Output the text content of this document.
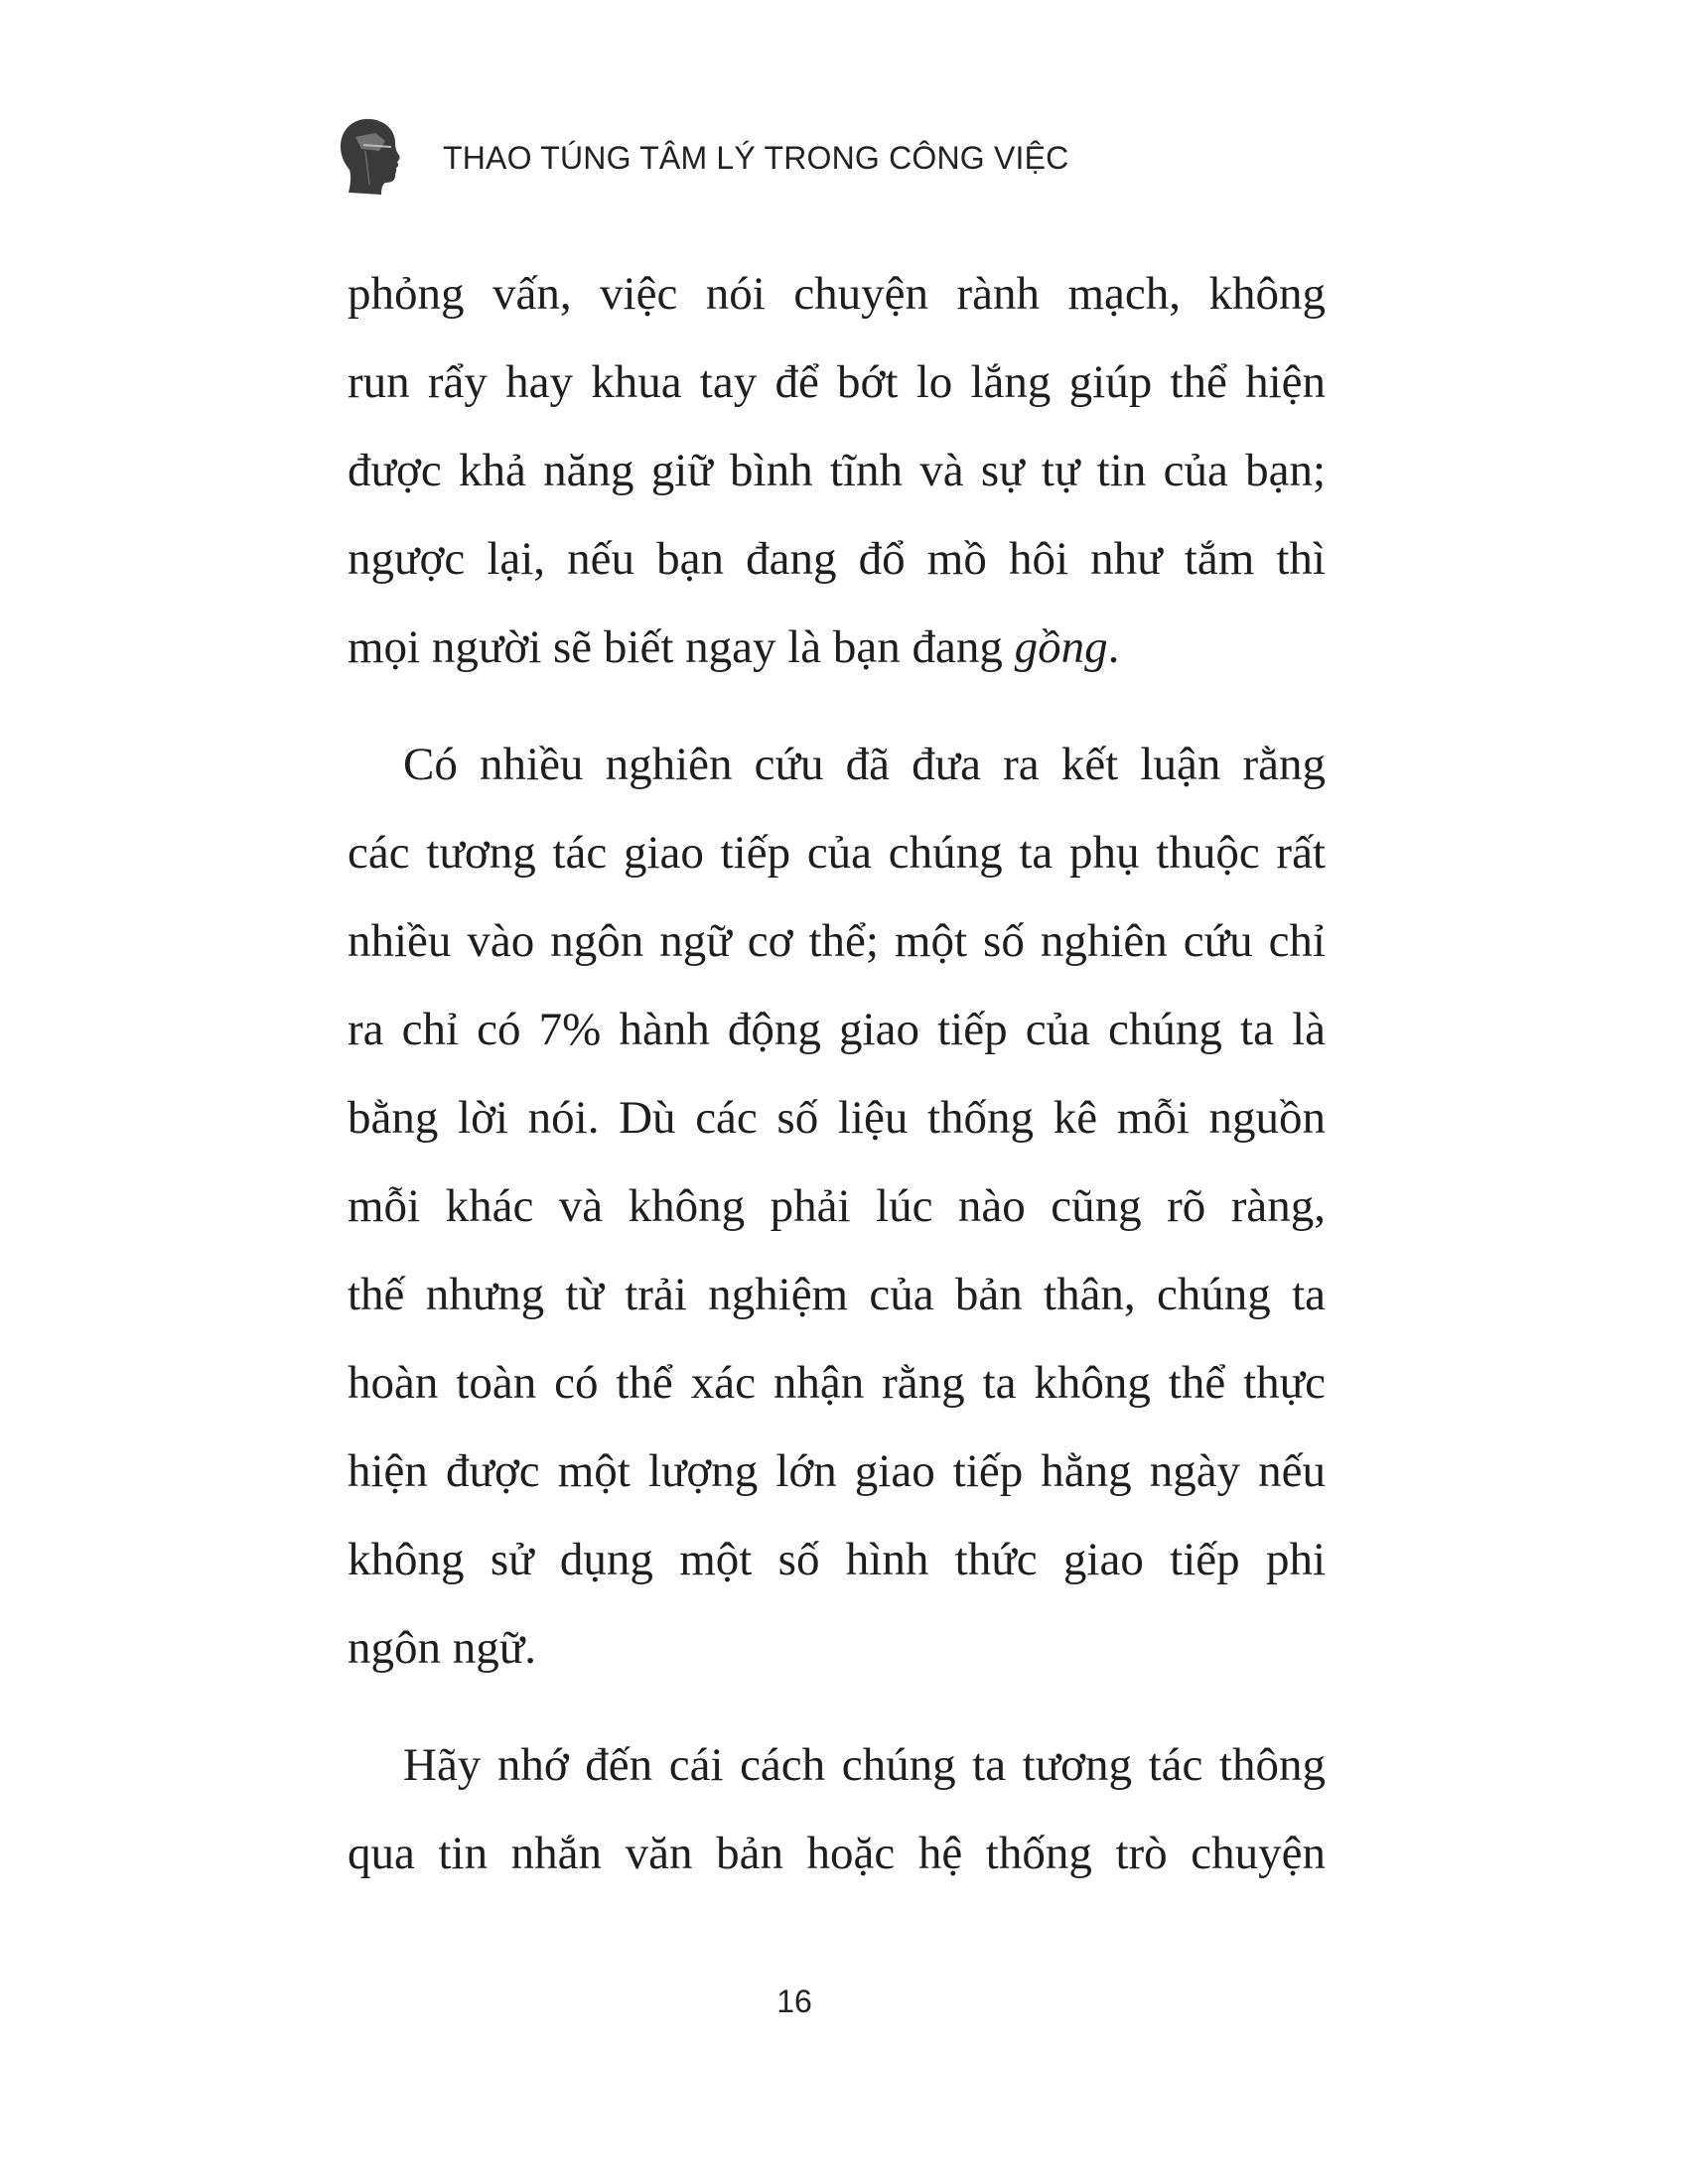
THAO TÚNG TÂM LÝ TRONG CÔNG VIỆC
phỏng vấn, việc nói chuyện rành mạch, không
run rẩy hay khua tay để bớt lo lắng giúp thể hiện
được khả năng giữ bình tĩnh và sự tự tin của bạn;
ngược lại, nếu bạn đang đổ mồ hôi như tắm thì
mọi người sẽ biết ngay là bạn đang gồng.
Có nhiều nghiên cứu đã đưa ra kết luận rằng
các tương tác giao tiếp của chúng ta phụ thuộc rất
nhiều vào ngôn ngữ cơ thể; một số nghiên cứu chỉ
ra chỉ có 7% hành động giao tiếp của chúng ta là
bằng lời nói. Dù các số liệu thống kê mỗi nguồn
mỗi khác và không phải lúc nào cũng rõ ràng,
thế nhưng từ trải nghiệm của bản thân, chúng ta
hoàn toàn có thể xác nhận rằng ta không thể thực
hiện được một lượng lớn giao tiếp hằng ngày nếu
không sử dụng một số hình thức giao tiếp phi
ngôn ngữ.
Hãy nhớ đến cái cách chúng ta tương tác thông
qua tin nhắn văn bản hoặc hệ thống trò chuyện
16
